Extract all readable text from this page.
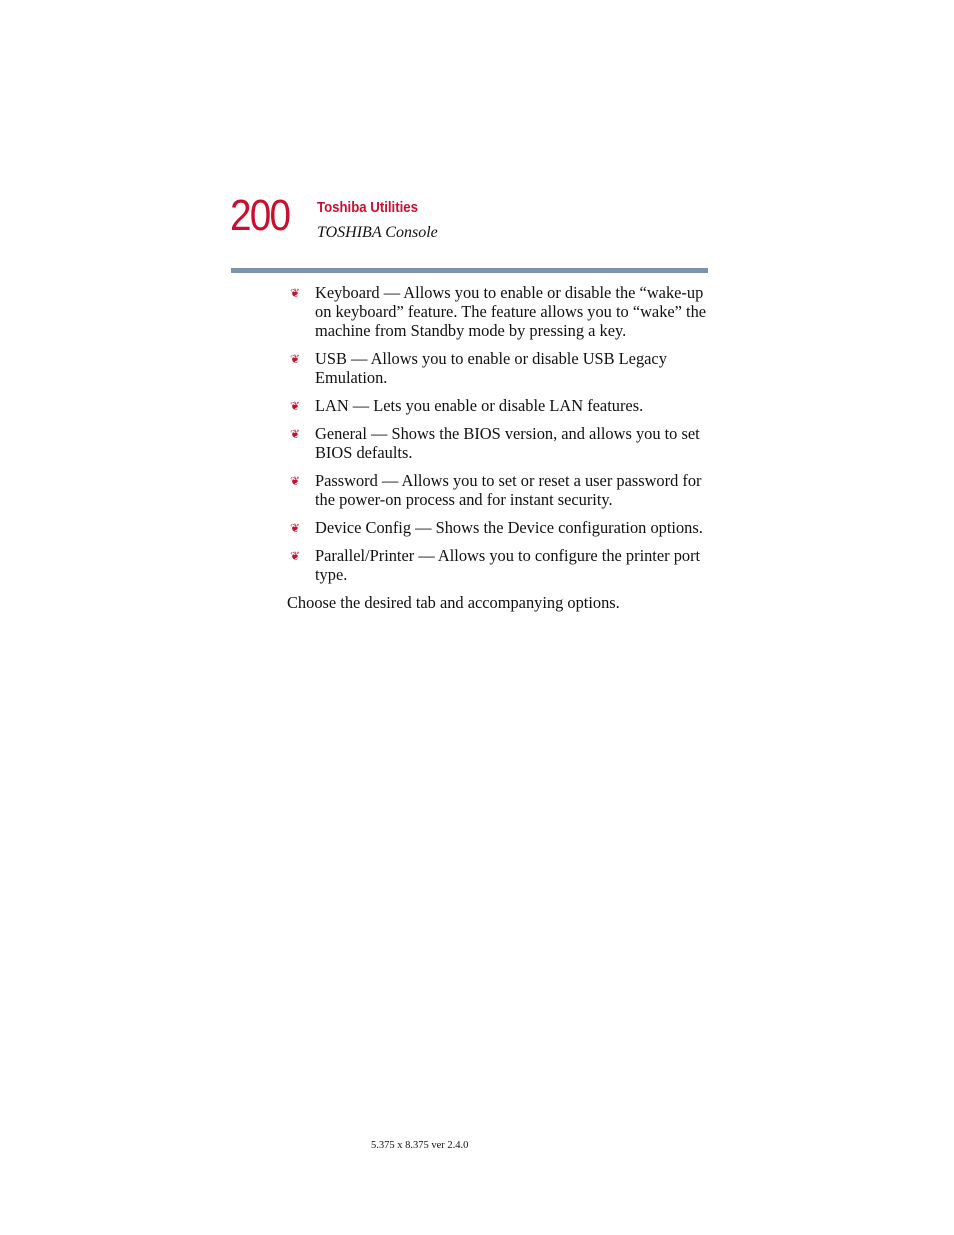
200 Toshiba Utilities
TOSHIBA Console
❦ Keyboard — Allows you to enable or disable the “wake-up on keyboard” feature. The feature allows you to “wake” the machine from Standby mode by pressing a key.
❦ USB — Allows you to enable or disable USB Legacy Emulation.
❦ LAN — Lets you enable or disable LAN features.
❦ General — Shows the BIOS version, and allows you to set BIOS defaults.
❦ Password — Allows you to set or reset a user password for the power-on process and for instant security.
❦ Device Config — Shows the Device configuration options.
❦ Parallel/Printer — Allows you to configure the printer port type.

Choose the desired tab and accompanying options.

5.375 x 8.375 ver 2.4.0
